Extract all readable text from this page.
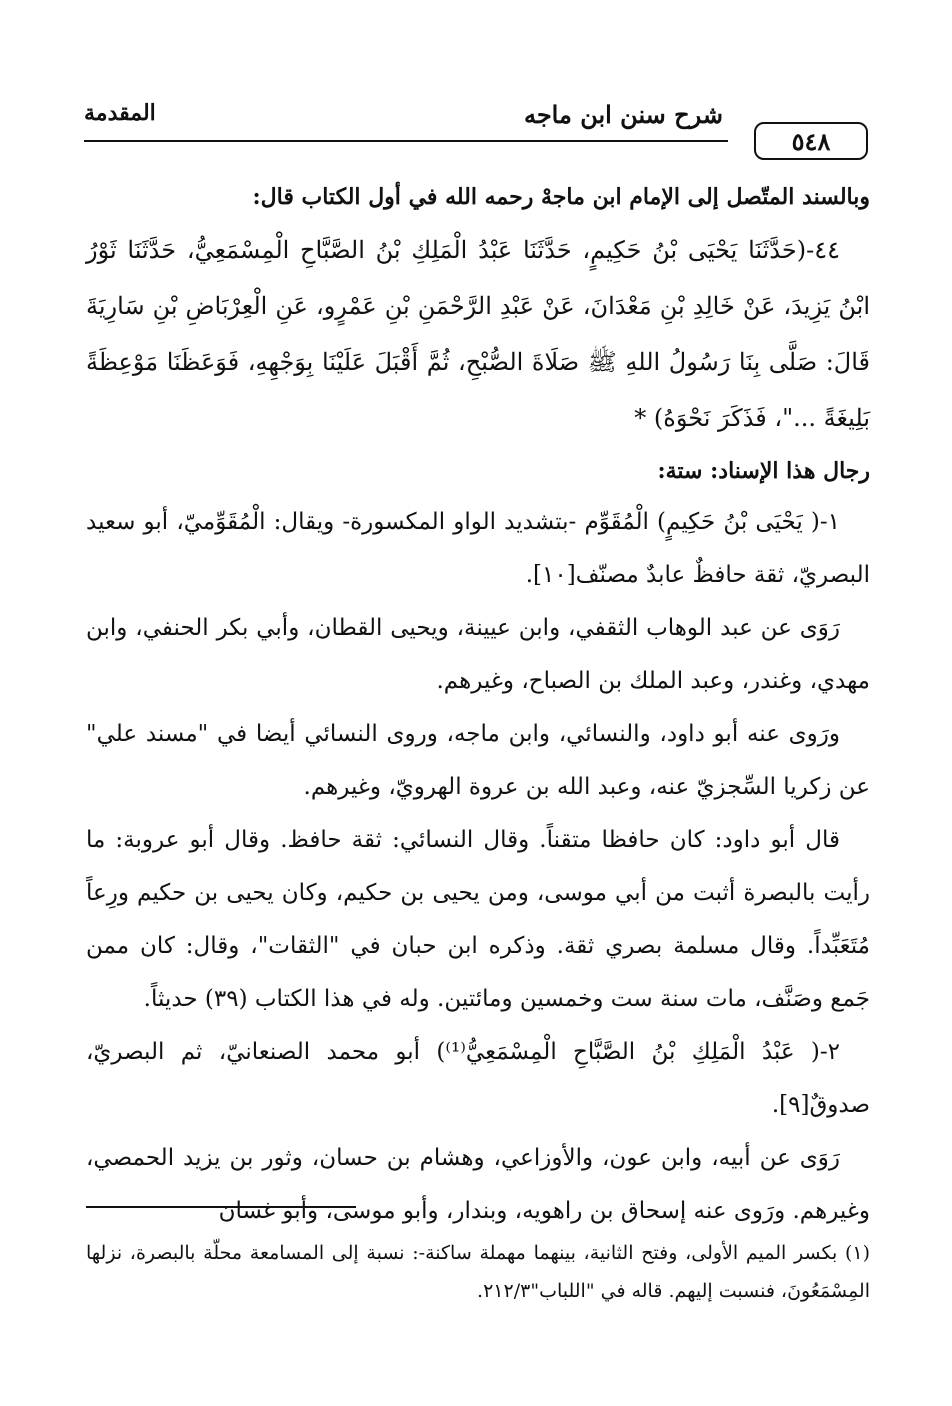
٥٤٨
شرح سنن ابن ماجه
المقدمة

وبالسند المتّصل إلى الإمام ابن ماجهْ رحمه الله في أول الكتاب قال:

٤٤-(حَدَّثَنَا يَحْيَى بْنُ حَكِيمٍ، حَدَّثَنَا عَبْدُ الْمَلِكِ بْنُ الصَّبَّاحِ الْمِسْمَعِيُّ، حَدَّثَنَا ثَوْرُ ابْنُ يَزِيدَ، عَنْ خَالِدِ بْنِ مَعْدَانَ، عَنْ عَبْدِ الرَّحْمَنِ بْنِ عَمْرٍو، عَنِ الْعِرْبَاضِ بْنِ سَارِيَةَ قَالَ: صَلَّى بِنَا رَسُولُ اللهِ ﷺ صَلَاةَ الصُّبْحِ، ثُمَّ أَقْبَلَ عَلَيْنَا بِوَجْهِهِ، فَوَعَظَنَا مَوْعِظَةً بَلِيغَةً ..."، فَذَكَرَ نَحْوَهُ) *

رجال هذا الإسناد: ستة:

١-( يَحْيَى بْنُ حَكِيمٍ) الْمُقَوِّم -بتشديد الواو المكسورة- ويقال: الْمُقَوِّميّ، أبو سعيد البصريّ، ثقة حافظٌ عابدٌ مصنّف[١٠].

رَوَى عن عبد الوهاب الثقفي، وابن عيينة، ويحيى القطان، وأبي بكر الحنفي، وابن مهدي، وغندر، وعبد الملك بن الصباح، وغيرهم.

ورَوى عنه أبو داود، والنسائي، وابن ماجه، وروى النسائي أيضا في "مسند علي" عن زكريا السِّجزيّ عنه، وعبد الله بن عروة الهرويّ، وغيرهم.

قال أبو داود: كان حافظا متقناً. وقال النسائي: ثقة حافظ. وقال أبو عروبة: ما رأيت بالبصرة أثبت من أبي موسى، ومن يحيى بن حكيم، وكان يحيى بن حكيم ورِعاً مُتَعَبِّداً. وقال مسلمة بصري ثقة. وذكره ابن حبان في "الثقات"، وقال: كان ممن جَمع وصَنَّف، مات سنة ست وخمسين ومائتين. وله في هذا الكتاب (٣٩) حديثاً.

٢-( عَبْدُ الْمَلِكِ بْنُ الصَّبَّاحِ الْمِسْمَعِيُّ⁽¹⁾) أبو محمد الصنعانيّ، ثم البصريّ، صدوقٌ[٩].

رَوَى عن أبيه، وابن عون، والأوزاعي، وهشام بن حسان، وثور بن يزيد الحمصي، وغيرهم. ورَوى عنه إسحاق بن راهويه، وبندار، وأبو موسى، وأبو غسان

(١) بكسر الميم الأولى، وفتح الثانية، بينهما مهملة ساكنة-: نسبة إلى المسامعة محلّة بالبصرة، نزلها المِسْمَعُونَ، فنسبت إليهم. قاله في "اللباب"٢١٢/٣.
